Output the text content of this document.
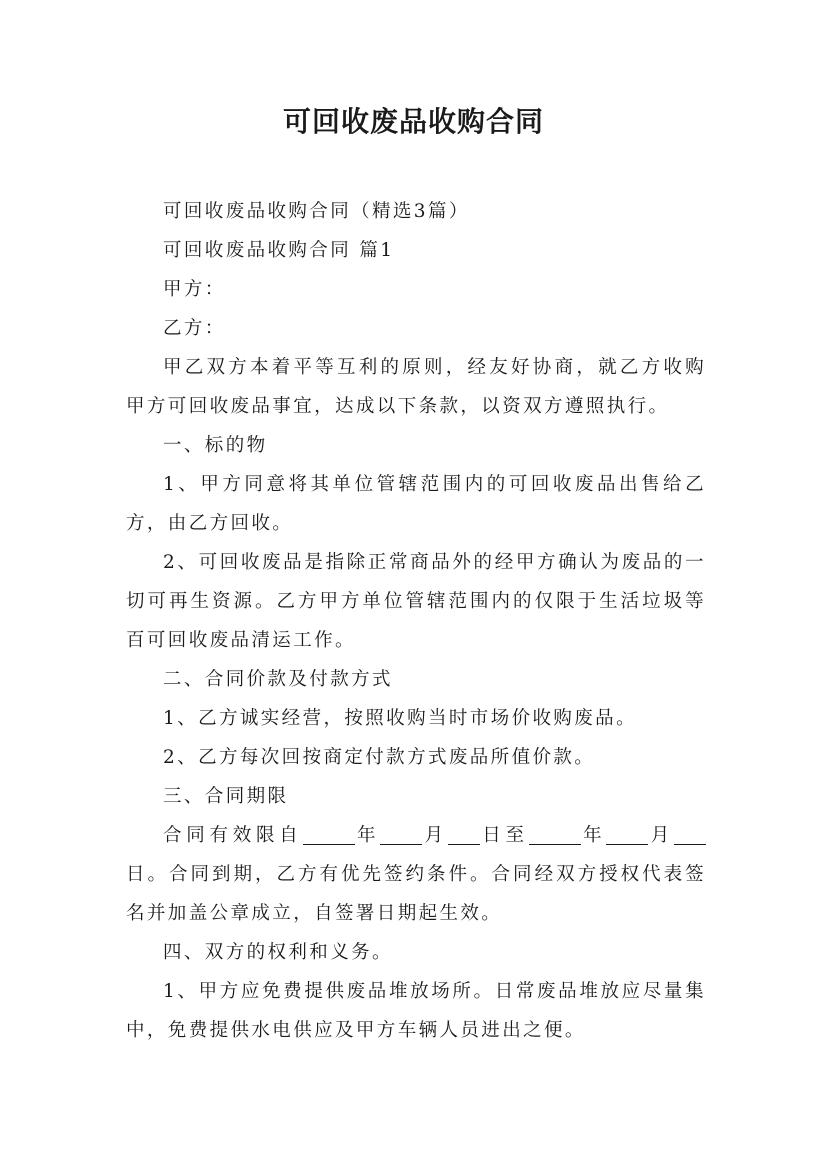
可回收废品收购合同

可回收废品收购合同（精选3篇）

可回收废品收购合同 篇1

甲方：

乙方：

甲乙双方本着平等互利的原则，经友好协商，就乙方收购甲方可回收废品事宜，达成以下条款，以资双方遵照执行。

一、标的物

1、甲方同意将其单位管辖范围内的可回收废品出售给乙方，由乙方回收。

2、可回收废品是指除正常商品外的经甲方确认为废品的一切可再生资源。乙方甲方单位管辖范围内的仅限于生活垃圾等百可回收废品清运工作。

二、合同价款及付款方式

1、乙方诚实经营，按照收购当时市场价收购废品。

2、乙方每次回按商定付款方式废品所值价款。

三、合同期限

合同有效限自	年 月 日至	年 月日。合同到期，乙方有优先签约条件。合同经双方授权代表签名并加盖公章成立，自签署日期起生效。

四、双方的权利和义务。

1、甲方应免费提供废品堆放场所。日常废品堆放应尽量集中，免费提供水电供应及甲方车辆人员进出之便。
